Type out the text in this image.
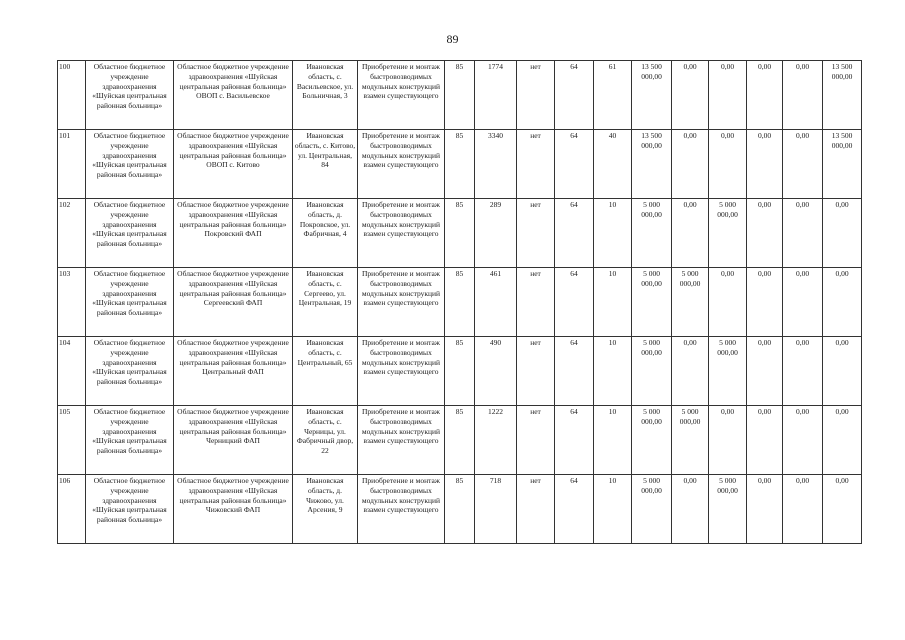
89
100	Областное бюджетное учреждение здравоохранения «Шуйская центральная районная больница»	Областное бюджетное учреждение здравоохранения «Шуйская центральная районная больница» ОВОП с. Васильевское	Ивановская область, с. Васильевское, ул. Больничная, 3	Приобретение и монтаж быстровозводимых модульных конструкций взамен существующего	85	1774	нет	64	61	13 500 000,00	0,00	0,00	0,00	0,00	13 500 000,00
101	Областное бюджетное учреждение здравоохранения «Шуйская центральная районная больница»	Областное бюджетное учреждение здравоохранения «Шуйская центральная районная больница» ОВОП с. Китово	Ивановская область, с. Китово, ул. Центральная, 84	Приобретение и монтаж быстровозводимых модульных конструкций взамен существующего	85	3340	нет	64	40	13 500 000,00	0,00	0,00	0,00	0,00	13 500 000,00
102	Областное бюджетное учреждение здравоохранения «Шуйская центральная районная больница»	Областное бюджетное учреждение здравоохранения «Шуйская центральная районная больница» Покровский ФАП	Ивановская область, д. Покровское, ул. Фабричная, 4	Приобретение и монтаж быстровозводимых модульных конструкций взамен существующего	85	289	нет	64	10	5 000 000,00	0,00	5 000 000,00	0,00	0,00	0,00
103	Областное бюджетное учреждение здравоохранения «Шуйская центральная районная больница»	Областное бюджетное учреждение здравоохранения «Шуйская центральная районная больница» Сергеевский ФАП	Ивановская область, с. Сергеево, ул. Центральная, 19	Приобретение и монтаж быстровозводимых модульных конструкций взамен существующего	85	461	нет	64	10	5 000 000,00	5 000 000,00	0,00	0,00	0,00	0,00
104	Областное бюджетное учреждение здравоохранения «Шуйская центральная районная больница»	Областное бюджетное учреждение здравоохранения «Шуйская центральная районная больница» Центральный ФАП	Ивановская область, с. Центральный, 65	Приобретение и монтаж быстровозводимых модульных конструкций взамен существующего	85	490	нет	64	10	5 000 000,00	0,00	5 000 000,00	0,00	0,00	0,00
105	Областное бюджетное учреждение здравоохранения «Шуйская центральная районная больница»	Областное бюджетное учреждение здравоохранения «Шуйская центральная районная больница» Черницкий ФАП	Ивановская область, с. Черницы, ул. Фабричный двор, 22	Приобретение и монтаж быстровозводимых модульных конструкций взамен существующего	85	1222	нет	64	10	5 000 000,00	5 000 000,00	0,00	0,00	0,00	0,00
106	Областное бюджетное учреждение здравоохранения «Шуйская центральная районная больница»	Областное бюджетное учреждение здравоохранения «Шуйская центральная районная больница» Чижовский ФАП	Ивановская область, д. Чижово, ул. Арсения, 9	Приобретение и монтаж быстровозводимых модульных конструкций взамен существующего	85	718	нет	64	10	5 000 000,00	0,00	5 000 000,00	0,00	0,00	0,00
